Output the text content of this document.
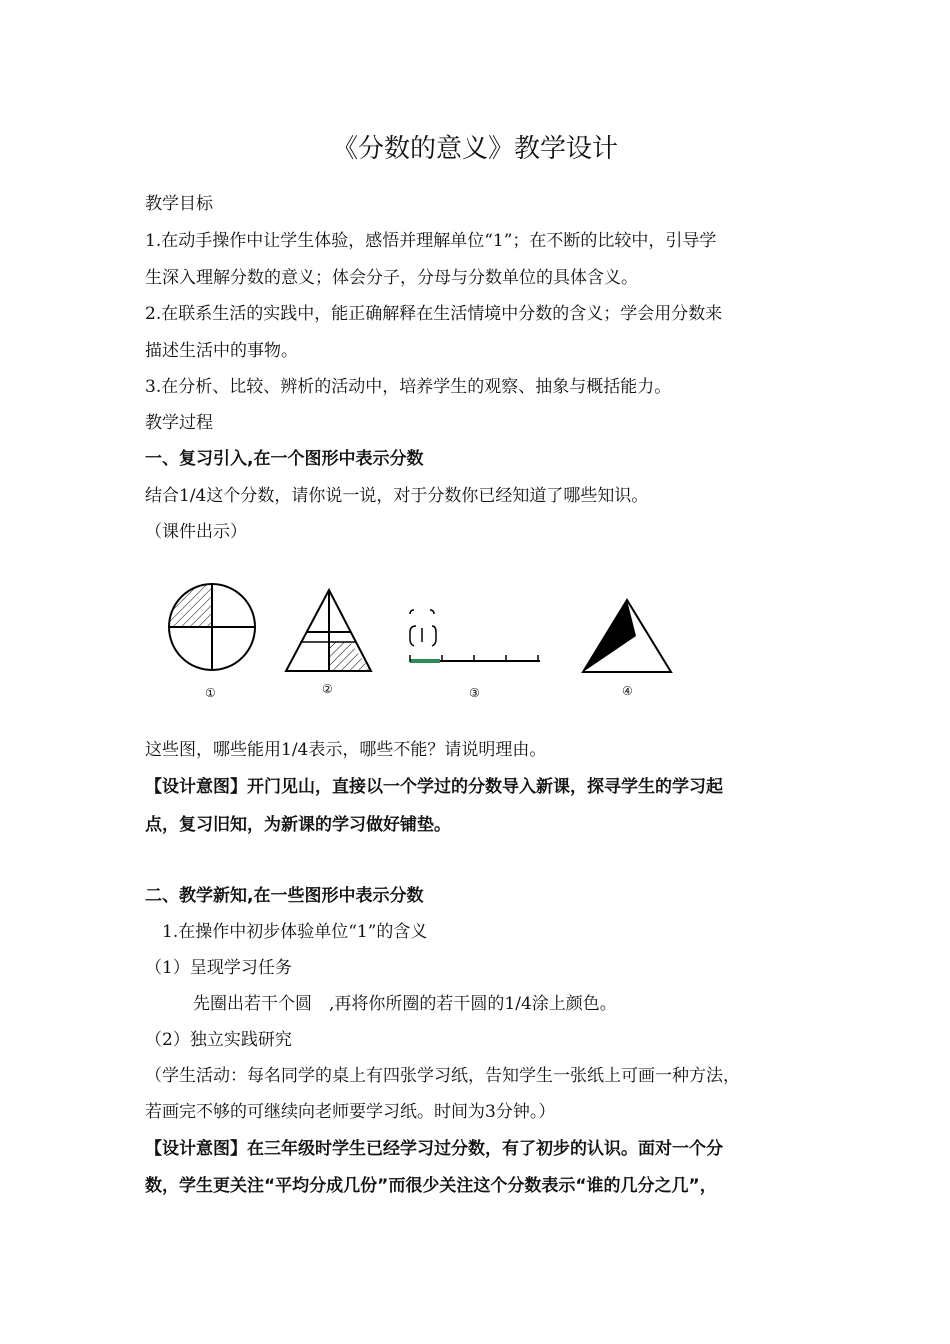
《分数的意义》教学设计
教学目标
1.在动手操作中让学生体验，感悟并理解单位“1”；在不断的比较中，引导学
生深入理解分数的意义；体会分子，分母与分数单位的具体含义。
2.在联系生活的实践中，能正确解释在生活情境中分数的含义；学会用分数来
描述生活中的事物。
3.在分析、比较、辨析的活动中，培养学生的观察、抽象与概括能力。
教学过程
一、复习引入,在一个图形中表示分数
结合1/4这个分数，请你说一说，对于分数你已经知道了哪些知识。
（课件出示）
①	②	③	④
这些图，哪些能用1/4表示，哪些不能？请说明理由。
【设计意图】开门见山，直接以一个学过的分数导入新课，探寻学生的学习起
点，复习旧知，为新课的学习做好铺垫。
二、教学新知,在一些图形中表示分数
1.在操作中初步体验单位“1”的含义
（1）呈现学习任务
先圈出若干个圆　,再将你所圈的若干圆的1/4涂上颜色。
（2）独立实践研究
（学生活动：每名同学的桌上有四张学习纸，告知学生一张纸上可画一种方法，
若画完不够的可继续向老师要学习纸。时间为3分钟。）
【设计意图】在三年级时学生已经学习过分数，有了初步的认识。面对一个分
数，学生更关注“平均分成几份”而很少关注这个分数表示“谁的几分之几”，
